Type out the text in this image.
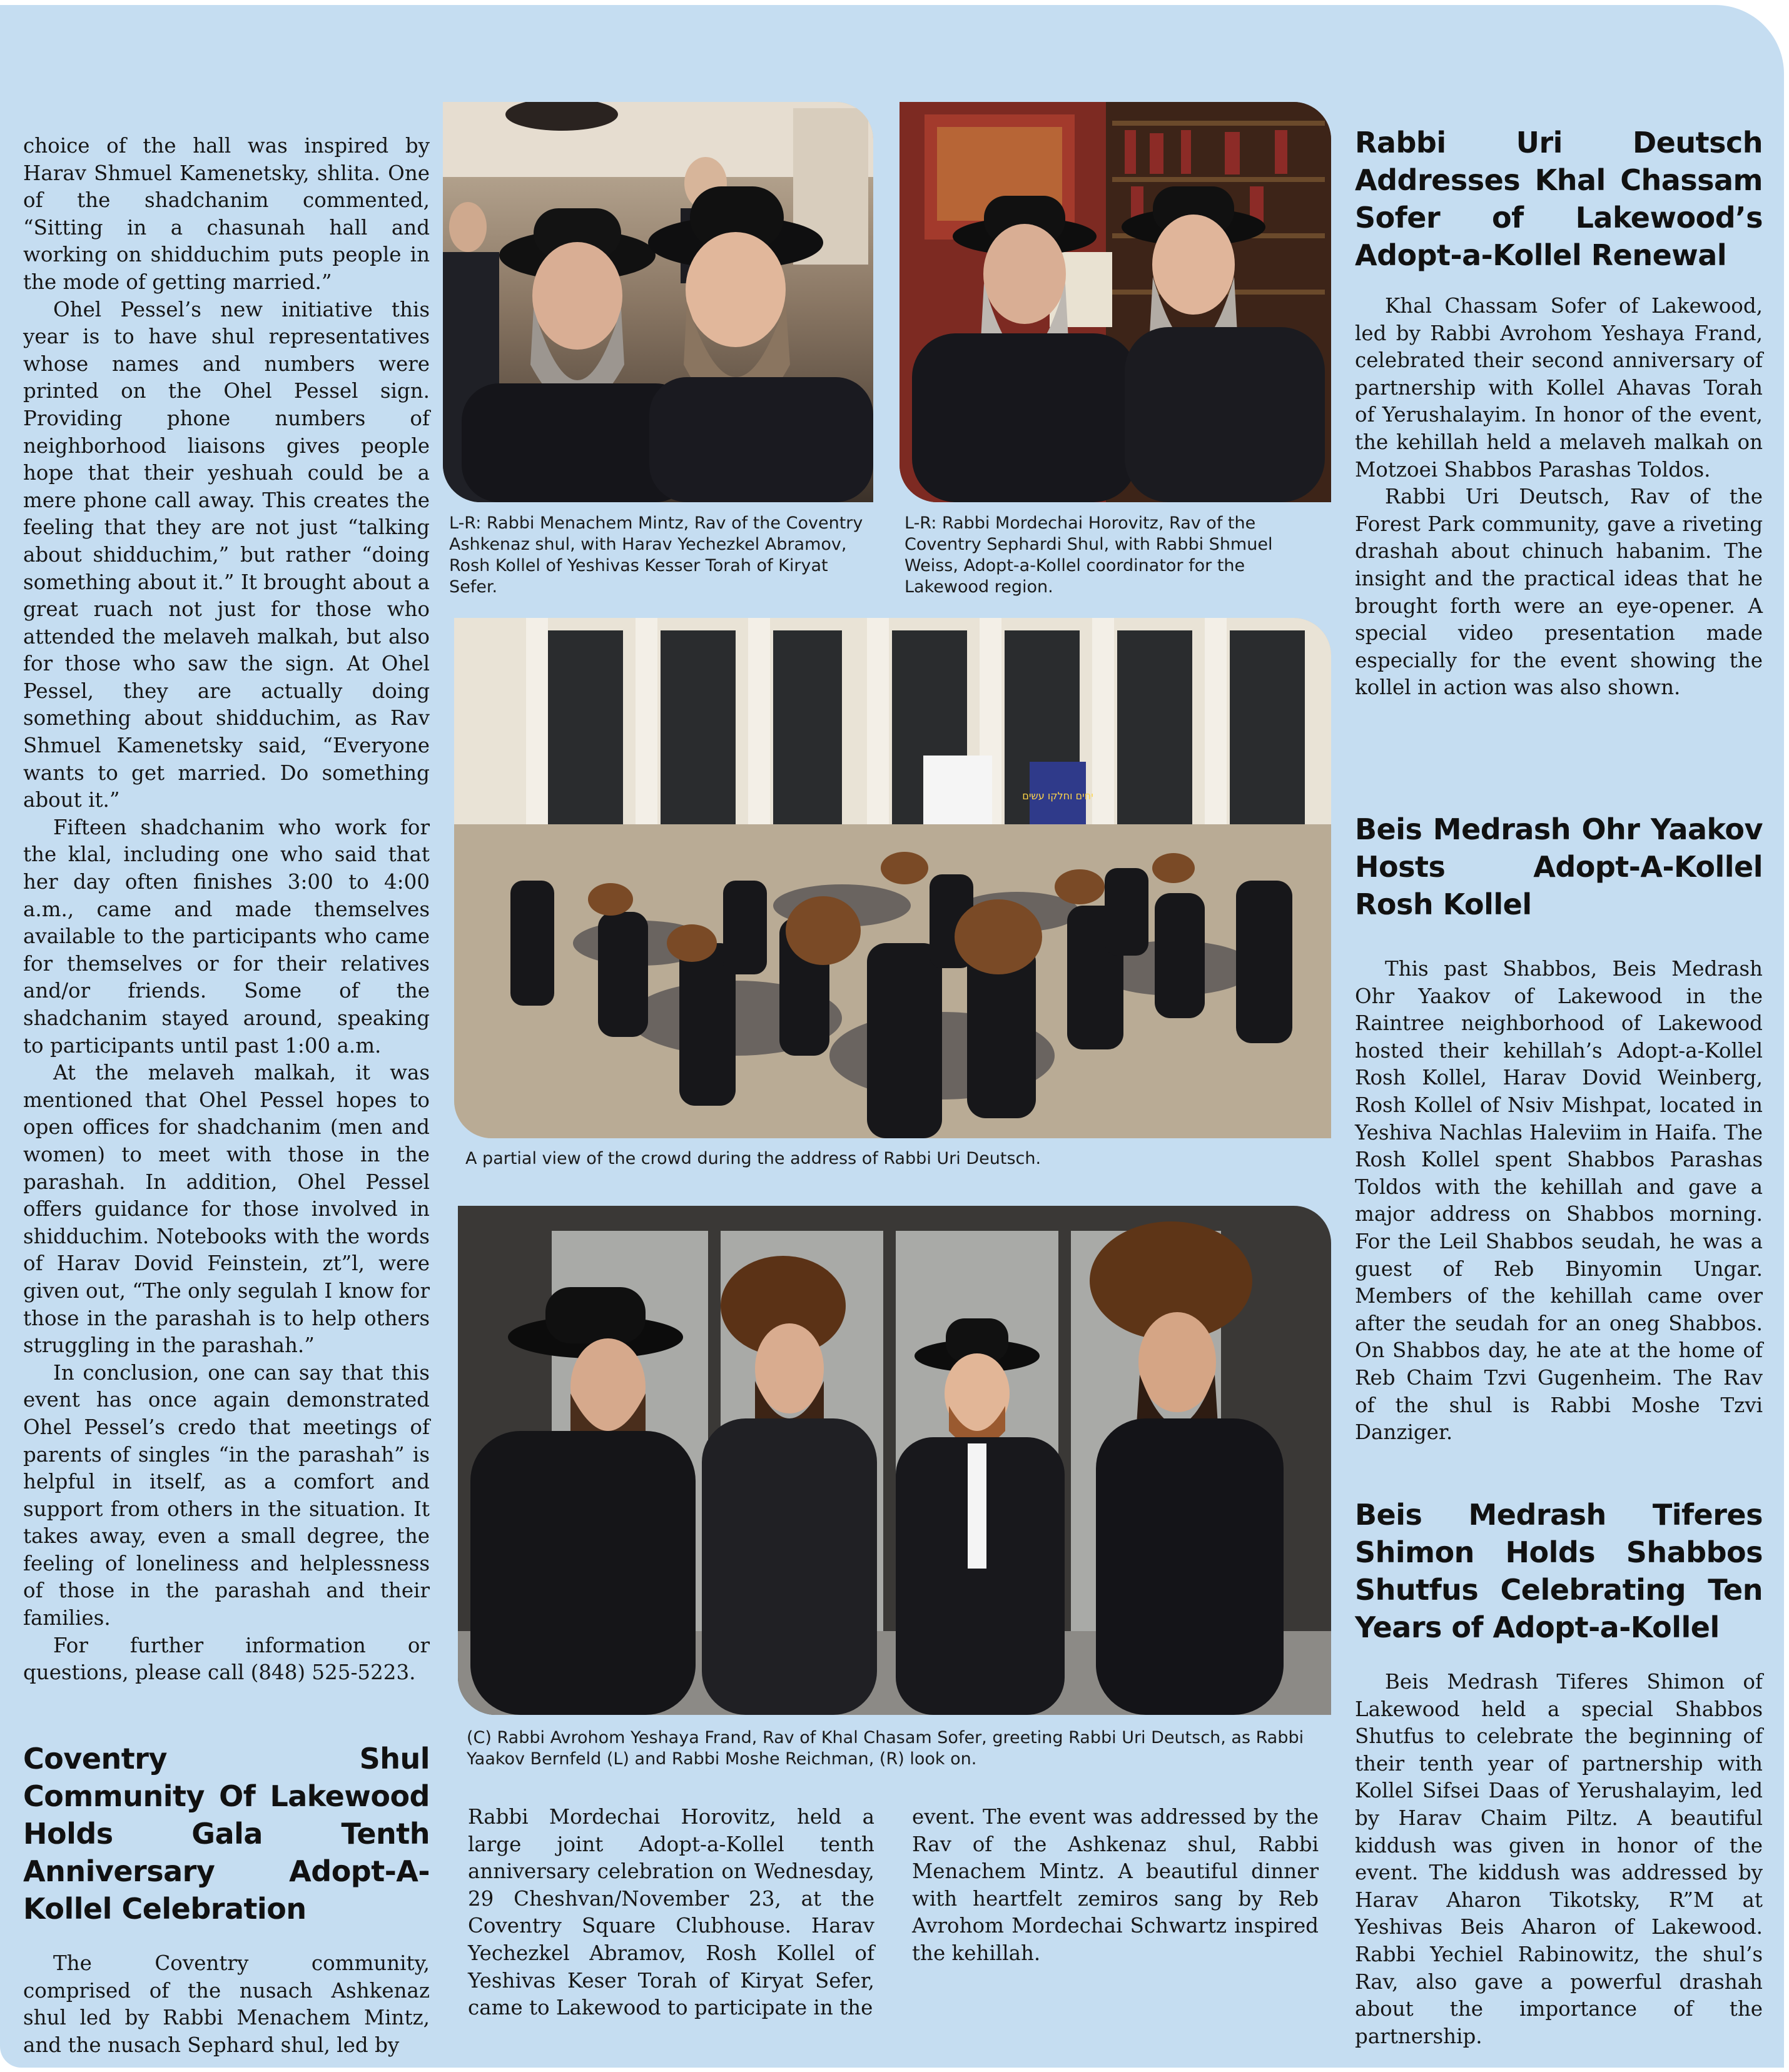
choice of the hall was inspired by Harav Shmuel Kamenetsky, shlita. One of the shadchanim commented, “Sitting in a chasunah hall and working on shidduchim puts people in the mode of getting married.”

Ohel Pessel’s new initiative this year is to have shul representatives whose names and numbers were printed on the Ohel Pessel sign. Providing phone numbers of neighborhood liaisons gives people hope that their yeshuah could be a mere phone call away. This creates the feeling that they are not just “talking about shidduchim,” but rather “doing something about it.” It brought about a great ruach not just for those who attended the melaveh malkah, but also for those who saw the sign. At Ohel Pessel, they are actually doing something about shidduchim, as Rav Shmuel Kamenetsky said, “Everyone wants to get married. Do something about it.”

Fifteen shadchanim who work for the klal, including one who said that her day often finishes 3:00 to 4:00 a.m., came and made themselves available to the participants who came for themselves or for their relatives and/or friends. Some of the shadchanim stayed around, speaking to participants until past 1:00 a.m.

At the melaveh malkah, it was mentioned that Ohel Pessel hopes to open offices for shadchanim (men and women) to meet with those in the parashah. In addition, Ohel Pessel offers guidance for those involved in shidduchim. Notebooks with the words of Harav Dovid Feinstein, zt”l, were given out, “The only segulah I know for those in the parashah is to help others struggling in the parashah.”

In conclusion, one can say that this event has once again demonstrated Ohel Pessel’s credo that meetings of parents of singles “in the parashah” is helpful in itself, as a comfort and support from others in the situation. It takes away, even a small degree, the feeling of loneliness and helplessness of those in the parashah and their families.

For further information or questions, please call (848) 525-5223.

Coventry Shul Community Of Lakewood Holds Gala Tenth Anniversary Adopt-A-Kollel Celebration

The Coventry community, comprised of the nusach Ashkenaz shul led by Rabbi Menachem Mintz, and the nusach Sephard shul, led by

L-R: Rabbi Menachem Mintz, Rav of the Coventry Ashkenaz shul, with Harav Yechezkel Abramov, Rosh Kollel of Yeshivas Kesser Torah of Kiryat Sefer.
L-R: Rabbi Mordechai Horovitz, Rav of the Coventry Sephardi Shul, with Rabbi Shmuel Weiss, Adopt-a-Kollel coordinator for the Lakewood region.
יחים וחלקו עשים
A partial view of the crowd during the address of Rabbi Uri Deutsch.
(C) Rabbi Avrohom Yeshaya Frand, Rav of Khal Chasam Sofer, greeting Rabbi Uri Deutsch, as Rabbi Yaakov Bernfeld (L) and Rabbi Moshe Reichman, (R) look on.

Rabbi Mordechai Horovitz, held a large joint Adopt-a-Kollel tenth anniversary celebration on Wednesday, 29 Cheshvan/November 23, at the Coventry Square Clubhouse. Harav Yechezkel Abramov, Rosh Kollel of Yeshivas Keser Torah of Kiryat Sefer, came to Lakewood to participate in the

event. The event was addressed by the Rav of the Ashkenaz shul, Rabbi Menachem Mintz. A beautiful dinner with heartfelt zemiros sang by Reb Avrohom Mordechai Schwartz inspired the kehillah.

Rabbi Uri Deutsch Addresses Khal Chassam Sofer of Lakewood’s Adopt-a-Kollel Renewal

Khal Chassam Sofer of Lakewood, led by Rabbi Avrohom Yeshaya Frand, celebrated their second anniversary of partnership with Kollel Ahavas Torah of Yerushalayim. In honor of the event, the kehillah held a melaveh malkah on Motzoei Shabbos Parashas Toldos.

Rabbi Uri Deutsch, Rav of the Forest Park community, gave a riveting drashah about chinuch habanim. The insight and the practical ideas that he brought forth were an eye-opener. A special video presentation made especially for the event showing the kollel in action was also shown.

Beis Medrash Ohr Yaakov Hosts Adopt-A-Kollel Rosh Kollel

This past Shabbos, Beis Medrash Ohr Yaakov of Lakewood in the Raintree neighborhood of Lakewood hosted their kehillah’s Adopt-a-Kollel Rosh Kollel, Harav Dovid Weinberg, Rosh Kollel of Nsiv Mishpat, located in Yeshiva Nachlas Haleviim in Haifa. The Rosh Kollel spent Shabbos Parashas Toldos with the kehillah and gave a major address on Shabbos morning. For the Leil Shabbos seudah, he was a guest of Reb Binyomin Ungar. Members of the kehillah came over after the seudah for an oneg Shabbos. On Shabbos day, he ate at the home of Reb Chaim Tzvi Gugenheim. The Rav of the shul is Rabbi Moshe Tzvi Danziger.

Beis Medrash Tiferes Shimon Holds Shabbos Shutfus Celebrating Ten Years of Adopt-a-Kollel

Beis Medrash Tiferes Shimon of Lakewood held a special Shabbos Shutfus to celebrate the beginning of their tenth year of partnership with Kollel Sifsei Daas of Yerushalayim, led by Harav Chaim Piltz. A beautiful kiddush was given in honor of the event. The kiddush was addressed by Harav Aharon Tikotsky, R”M at Yeshivas Beis Aharon of Lakewood. Rabbi Yechiel Rabinowitz, the shul’s Rav, also gave a powerful drashah about the importance of the partnership.
